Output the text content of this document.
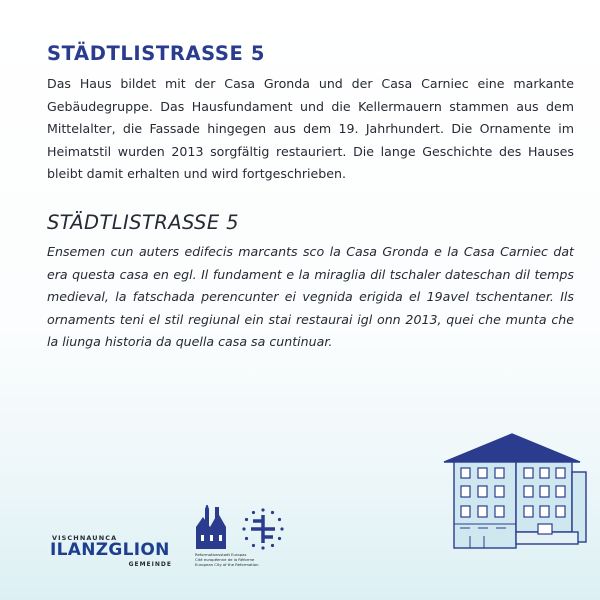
STÄDTLISTRASSE 5

Das Haus bildet mit der Casa Gronda und der Casa Carniec eine markante Gebäudegruppe. Das Hausfundament und die Kellermauern stammen aus dem Mittelalter, die Fassade hingegen aus dem 19. Jahrhundert. Die Ornamente im Heimatstil wurden 2013 sorgfältig restauriert. Die lange Geschichte des Hauses bleibt damit erhalten und wird fortgeschrieben.

STÄDTLISTRASSE 5

Ensemen cun auters edifecis marcants sco la Casa Gronda e la Casa Carniec dat era questa casa en egl. Il fundament e la miraglia dil tschaler dateschan dil temps medieval, la fatschada perencunter ei vegnida erigida el 19avel tschentaner. Ils ornaments teni el stil regiunal ein stai restaurai igl onn 2013, quei che munta che la liunga historia da quella casa sa cuntinuar.

VISCHNAUNCA
ILANZGLION
GEMEINDE
Reformationsstadt Europas
Cité européenne de la Réforme
European City of the Reformation
